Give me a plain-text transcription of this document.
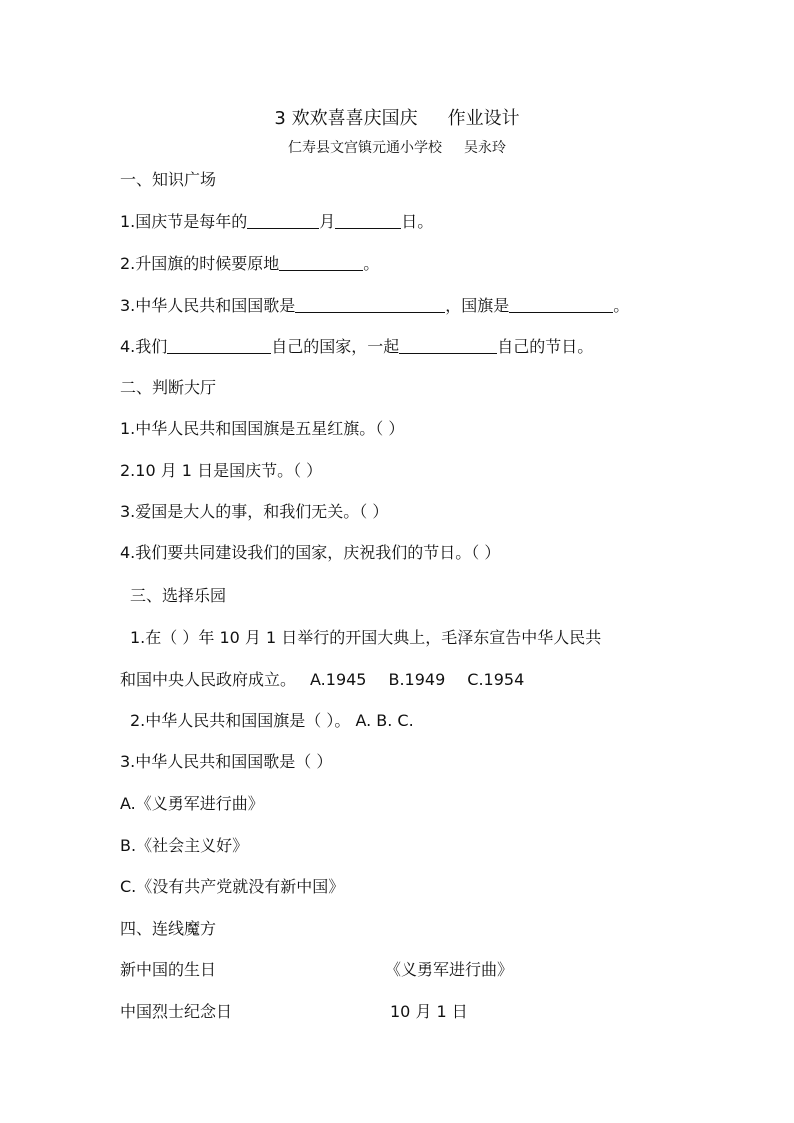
3 欢欢喜喜庆国庆 作业设计
仁寿县文宫镇元通小学校 吴永玲
一、知识广场
1.国庆节是每年的	月	日。
2.升国旗的时候要原地	。
3.中华人民共和国国歌是	，国旗是	。
4.我们	自己的国家，一起	自己的节日。
二、判断大厅
1.中华人民共和国国旗是五星红旗。（ ）
2.10 月 1 日是国庆节。（ ）
3.爱国是大人的事，和我们无关。（ ）
4.我们要共同建设我们的国家，庆祝我们的节日。（ ）
三、选择乐园
1.在（ ）年 10 月 1 日举行的开国大典上，毛泽东宣告中华人民共
和国中央人民政府成立。 A.1945 B.1949 C.1954
2.中华人民共和国国旗是（ ）。 A. B. C.
3.中华人民共和国国歌是（ ）
A.《义勇军进行曲》
B.《社会主义好》
C.《没有共产党就没有新中国》
四、连线魔方
新中国的生日	《义勇军进行曲》
中国烈士纪念日	10 月 1 日
